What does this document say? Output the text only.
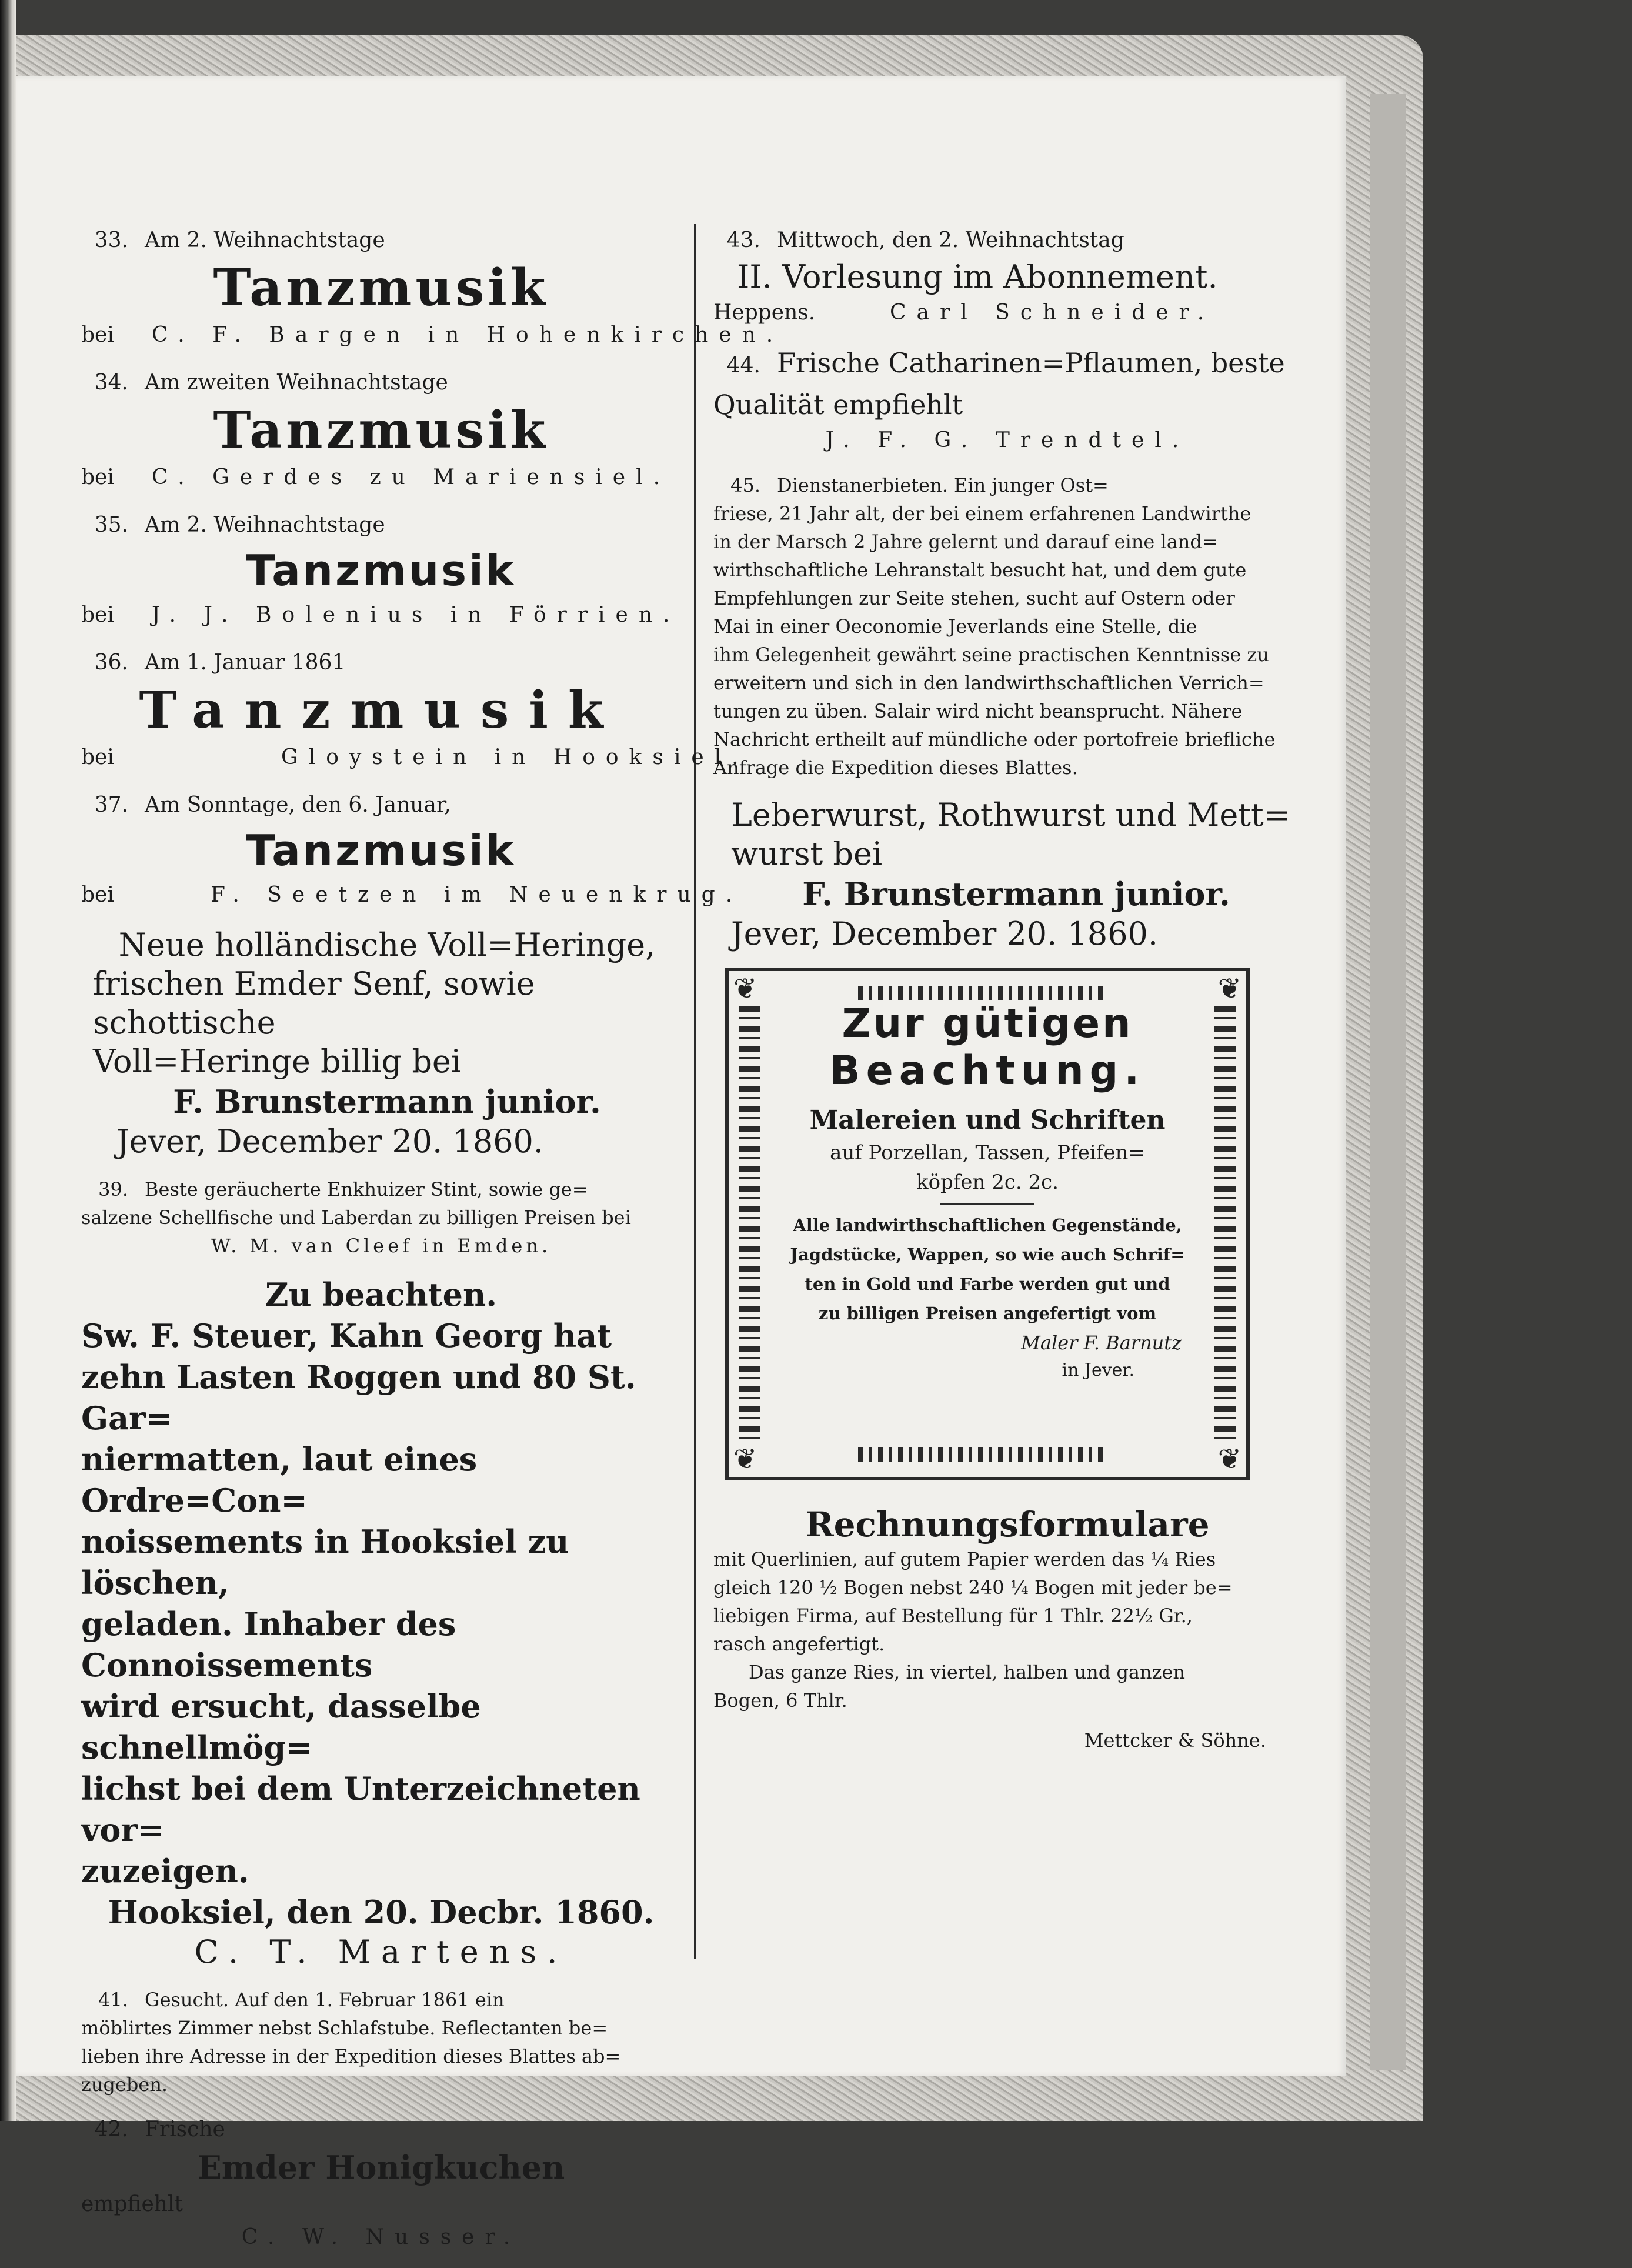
33. Am 2. Weihnachtstage
Tanzmusik
bei C. F. Bargen in Hohenkirchen.
34. Am zweiten Weihnachtstage
Tanzmusik
bei C. Gerdes zu Mariensiel.
35. Am 2. Weihnachtstage
Tanzmusik
bei J. J. Bolenius in Förrien.
36. Am 1. Januar 1861
Tanzmusik
bei	Gloystein in Hooksiel.
37. Am Sonntage, den 6. Januar,
Tanzmusik
bei	F. Seetzen im Neuenkrug.
Neue holländische Voll=Heringe,
frischen Emder Senf, sowie schottische
Voll=Heringe billig bei
F. Brunstermann junior.
Jever, December 20. 1860.
39. Beste geräucherte Enkhuizer Stint, sowie ge=
salzene Schellfische und Laberdan zu billigen Preisen bei
W. M. van Cleef in Emden.
Zu beachten.
Sw. F. Steuer, Kahn Georg hat
zehn Lasten Roggen und 80 St. Gar=
niermatten, laut eines Ordre=Con=
noissements in Hooksiel zu löschen,
geladen. Inhaber des Connoissements
wird ersucht, dasselbe schnellmög=
lichst bei dem Unterzeichneten vor=
zuzeigen.
Hooksiel, den 20. Decbr. 1860.
C. T. Martens.
41. Gesucht. Auf den 1. Februar 1861 ein
möblirtes Zimmer nebst Schlafstube. Reflectanten be=
lieben ihre Adresse in der Expedition dieses Blattes ab=
zugeben.
42. Frische
Emder Honigkuchen
empfiehlt
C. W. Nusser.
43. Mittwoch, den 2. Weihnachtstag
II. Vorlesung im Abonnement.
Heppens.	Carl Schneider.
44. Frische Catharinen=Pflaumen, beste
Qualität empfiehlt
J. F. G. Trendtel.
45. Dienstanerbieten. Ein junger Ost=
friese, 21 Jahr alt, der bei einem erfahrenen Landwirthe
in der Marsch 2 Jahre gelernt und darauf eine land=
wirthschaftliche Lehranstalt besucht hat, und dem gute
Empfehlungen zur Seite stehen, sucht auf Ostern oder
Mai in einer Oeconomie Jeverlands eine Stelle, die
ihm Gelegenheit gewährt seine practischen Kenntnisse zu
erweitern und sich in den landwirthschaftlichen Verrich=
tungen zu üben. Salair wird nicht beansprucht. Nähere
Nachricht ertheilt auf mündliche oder portofreie briefliche
Anfrage die Expedition dieses Blattes.
Leberwurst, Rothwurst und Mett=
wurst bei
F. Brunstermann junior.
Jever, December 20. 1860.
❦	❦
❦	❦
Zur gütigen
Beachtung.
Malereien und Schriften
auf Porzellan, Tassen, Pfeifen=
köpfen 2c. 2c.
Alle landwirthschaftlichen Gegenstände,
Jagdstücke, Wappen, so wie auch Schrif=
ten in Gold und Farbe werden gut und
zu billigen Preisen angefertigt vom
Maler F. Barnutz
in Jever.
Rechnungsformulare
mit Querlinien, auf gutem Papier werden das ¼ Ries
gleich 120 ½ Bogen nebst 240 ¼ Bogen mit jeder be=
liebigen Firma, auf Bestellung für 1 Thlr. 22½ Gr.,
rasch angefertigt.
Das ganze Ries, in viertel, halben und ganzen
Bogen, 6 Thlr.
Mettcker & Söhne.
